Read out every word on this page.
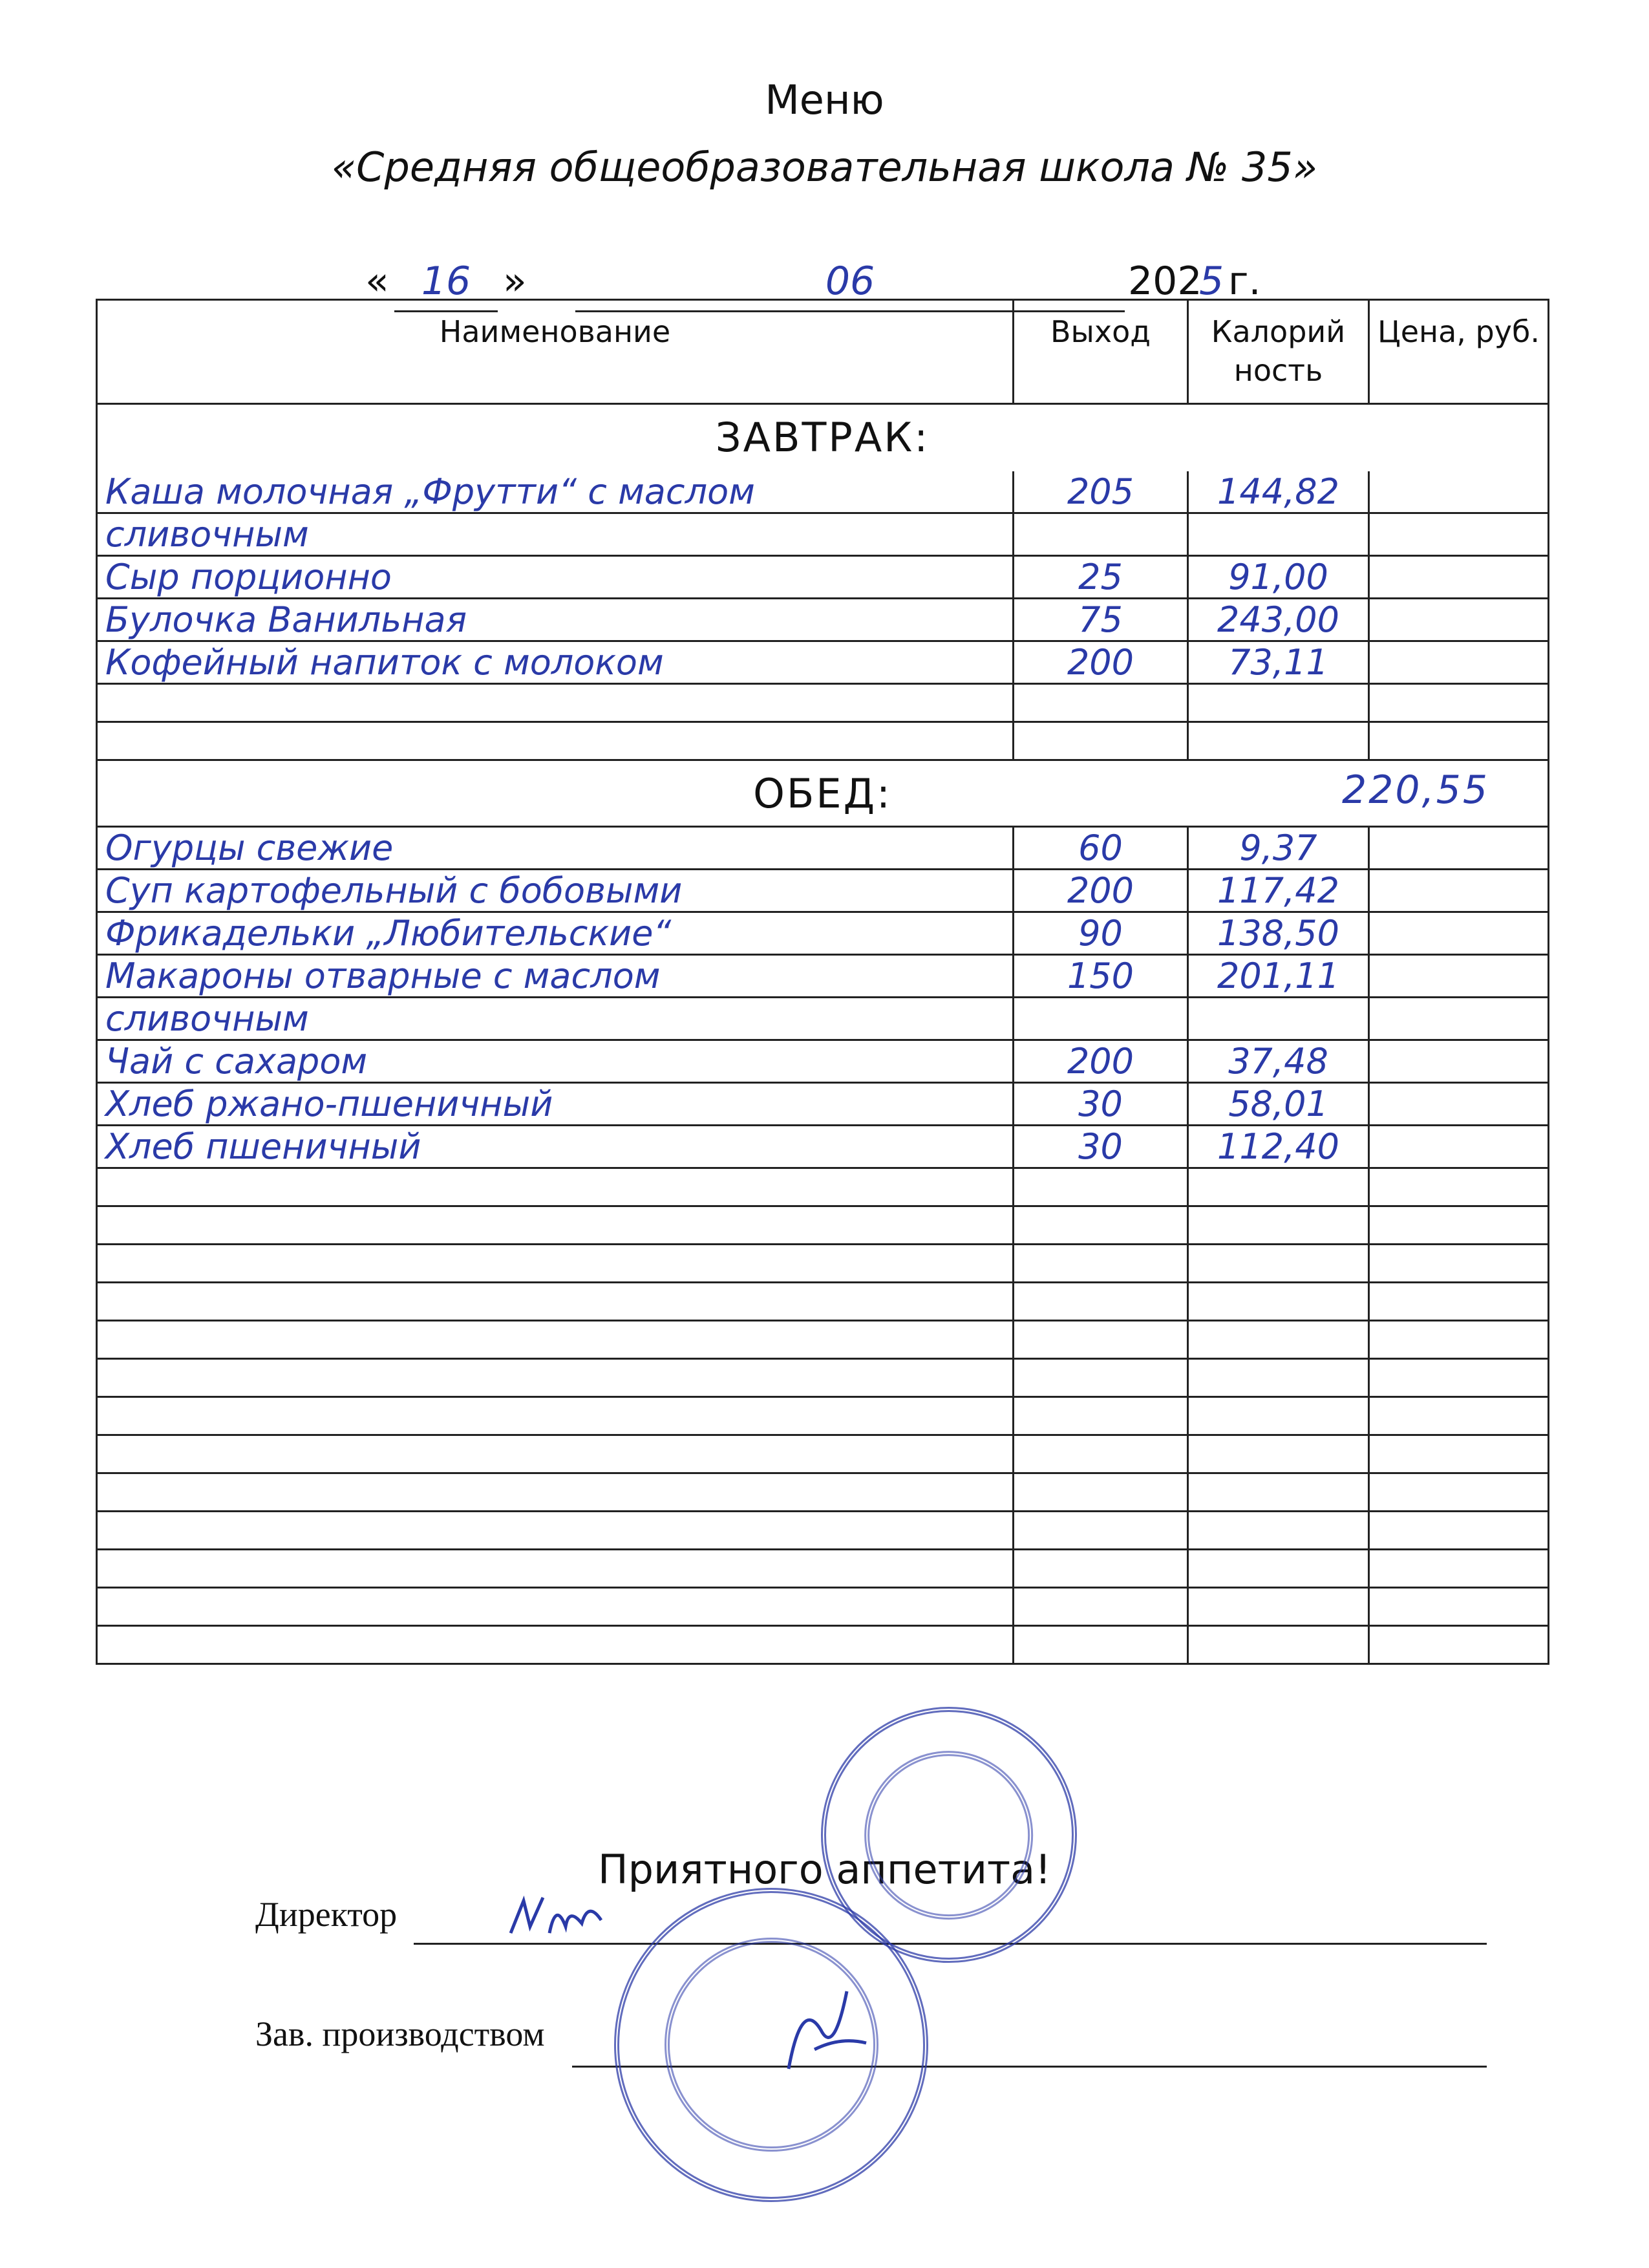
Меню
«Средняя общеобразовательная школа № 35»
« 16 »	06	202
5 г.
Наименование	Выход	Калорий ность	Цена, руб.
ЗАВТРАК:			
Каша молочная „Фрутти“ с маслом	205	144,82	
сливочным			
Сыр порционно	25	91,00	
Булочка Ванильная	75	243,00	
Кофейный напиток с молоком	200	73,11	

ОБЕД: 220,55			

Огурцы свежие	60	9,37	
Суп картофельный с бобовыми	200	117,42	
Фрикадельки „Любительские“	90	138,50	
Макароны отварные с маслом	150	201,11	
сливочным			
Чай с сахаром	200	37,48	
Хлеб ржано-пшеничный	30	58,01	
Хлеб пшеничный	30	112,40	

Приятного аппетита!
Директор
Зав. производством
